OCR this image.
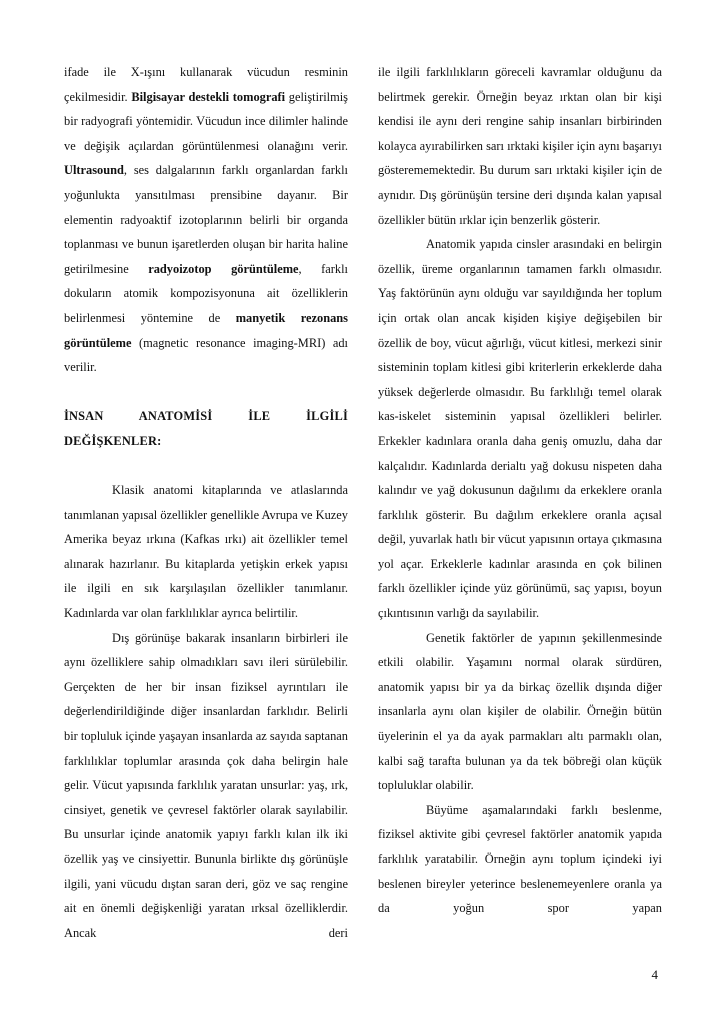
ifade ile X-ışını kullanarak vücudun resminin çekilmesidir. Bilgisayar destekli tomografi geliştirilmiş bir radyografi yöntemidir. Vücudun ince dilimler halinde ve değişik açılardan görüntülenmesi olanağını verir. Ultrasound, ses dalgalarının farklı organlardan farklı yoğunlukta yansıtılması prensibine dayanır. Bir elementin radyoaktif izotoplarının belirli bir organda toplanması ve bunun işaretlerden oluşan bir harita haline getirilmesine radyoizotop görüntüleme, farklı dokuların atomik kompozisyonuna ait özelliklerin belirlenmesi yöntemine de manyetik rezonans görüntüleme (magnetic resonance imaging-MRI) adı verilir.

İNSAN ANATOMİSİ İLE İLGİLİ

DEĞİŞKENLER:

Klasik anatomi kitaplarında ve atlaslarında tanımlanan yapısal özellikler genellikle Avrupa ve Kuzey Amerika beyaz ırkına (Kafkas ırkı) ait özellikler temel alınarak hazırlanır. Bu kitaplarda yetişkin erkek yapısı ile ilgili en sık karşılaşılan özellikler tanımlanır. Kadınlarda var olan farklılıklar ayrıca belirtilir.

Dış görünüşe bakarak insanların birbirleri ile aynı özelliklere sahip olmadıkları savı ileri sürülebilir. Gerçekten de her bir insan fiziksel ayrıntıları ile değerlendirildiğinde diğer insanlardan farklıdır. Belirli bir topluluk içinde yaşayan insanlarda az sayıda saptanan farklılıklar toplumlar arasında çok daha belirgin hale gelir. Vücut yapısında farklılık yaratan unsurlar: yaş, ırk, cinsiyet, genetik ve çevresel faktörler olarak sayılabilir. Bu unsurlar içinde anatomik yapıyı farklı kılan ilk iki özellik yaş ve cinsiyettir. Bununla birlikte dış görünüşle ilgili, yani vücudu dıştan saran deri, göz ve saç rengine ait en önemli değişkenliği yaratan ırksal özelliklerdir. Ancak deri

ile ilgili farklılıkların göreceli kavramlar olduğunu da belirtmek gerekir. Örneğin beyaz ırktan olan bir kişi kendisi ile aynı deri rengine sahip insanları birbirinden kolayca ayırabilirken sarı ırktaki kişiler için aynı başarıyı gösterememektedir. Bu durum sarı ırktaki kişiler için de aynıdır. Dış görünüşün tersine deri dışında kalan yapısal özellikler bütün ırklar için benzerlik gösterir.

Anatomik yapıda cinsler arasındaki en belirgin özellik, üreme organlarının tamamen farklı olmasıdır. Yaş faktörünün aynı olduğu var sayıldığında her toplum için ortak olan ancak kişiden kişiye değişebilen bir özellik de boy, vücut ağırlığı, vücut kitlesi, merkezi sinir sisteminin toplam kitlesi gibi kriterlerin erkeklerde daha yüksek değerlerde olmasıdır. Bu farklılığı temel olarak kas-iskelet sisteminin yapısal özellikleri belirler. Erkekler kadınlara oranla daha geniş omuzlu, daha dar kalçalıdır. Kadınlarda derialtı yağ dokusu nispeten daha kalındır ve yağ dokusunun dağılımı da erkeklere oranla farklılık gösterir. Bu dağılım erkeklere oranla açısal değil, yuvarlak hatlı bir vücut yapısının ortaya çıkmasına yol açar. Erkeklerle kadınlar arasında en çok bilinen farklı özellikler içinde yüz görünümü, saç yapısı, boyun çıkıntısının varlığı da sayılabilir.

Genetik faktörler de yapının şekillenmesinde etkili olabilir. Yaşamını normal olarak sürdüren, anatomik yapısı bir ya da birkaç özellik dışında diğer insanlarla aynı olan kişiler de olabilir. Örneğin bütün üyelerinin el ya da ayak parmakları altı parmaklı olan, kalbi sağ tarafta bulunan ya da tek böbreği olan küçük topluluklar olabilir.

Büyüme aşamalarındaki farklı beslenme, fiziksel aktivite gibi çevresel faktörler anatomik yapıda farklılık yaratabilir. Örneğin aynı toplum içindeki iyi beslenen bireyler yeterince beslenemeyenlere oranla ya da yoğun spor yapan

4
